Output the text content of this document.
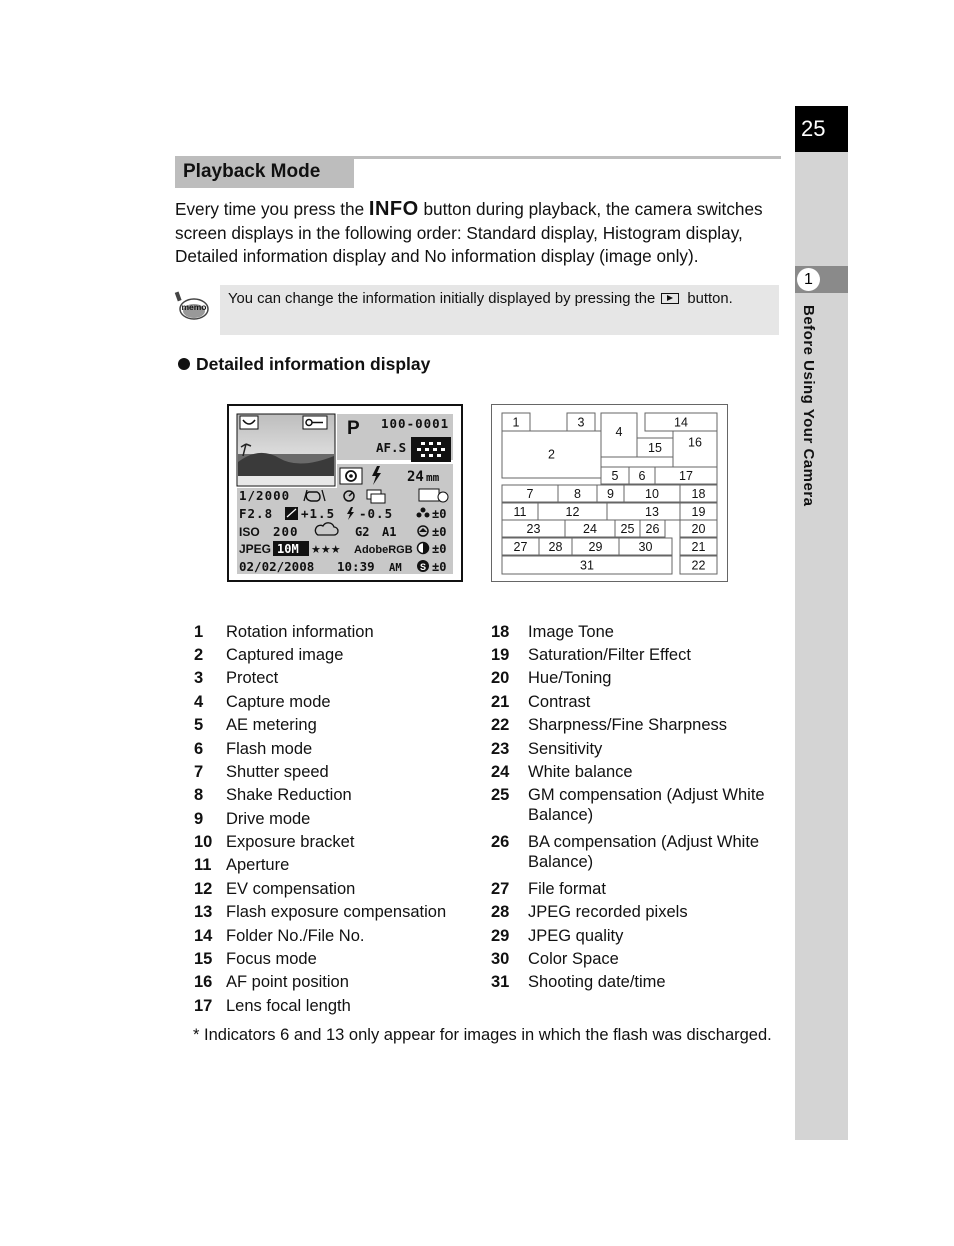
25
1
Before Using Your Camera
Playback Mode
Every time you press the INFO button during playback, the camera switches screen displays in the following order: Standard display, Histogram display, Detailed information display and No information display (image only).
memo You can change the information initially displayed by pressing the  button.
Detailed information display
P 100-0001
AF.S
24 mm
1/2000
F2.8 +1.5 -0.5	±0
ISO 200	G2 A1	±0
JPEG 10M ★★★ AdobeRGB ±0
02/02/2008 10:39 AM S ±0
1	3
4
14
2	15 16
5 6	17
7	8 9 10	18
11	12	13	19
23	24 25 26	20
27 28 29	30	21
31	22
1 Rotation information
2 Captured image
3 Protect
4 Capture mode
5 AE metering
6 Flash mode
7 Shutter speed
8 Shake Reduction
9 Drive mode
10 Exposure bracket
11 Aperture
12 EV compensation
13 Flash exposure compensation
14 Folder No./File No.
15 Focus mode
16 AF point position
17 Lens focal length
18 Image Tone
19 Saturation/Filter Effect
20 Hue/Toning
21 Contrast
22 Sharpness/Fine Sharpness
23 Sensitivity
24 White balance
25 GM compensation (Adjust White
Balance)
26 BA compensation (Adjust White
Balance)
27 File format
28 JPEG recorded pixels
29 JPEG quality
30 Color Space
31 Shooting date/time
* Indicators 6 and 13 only appear for images in which the flash was discharged.
